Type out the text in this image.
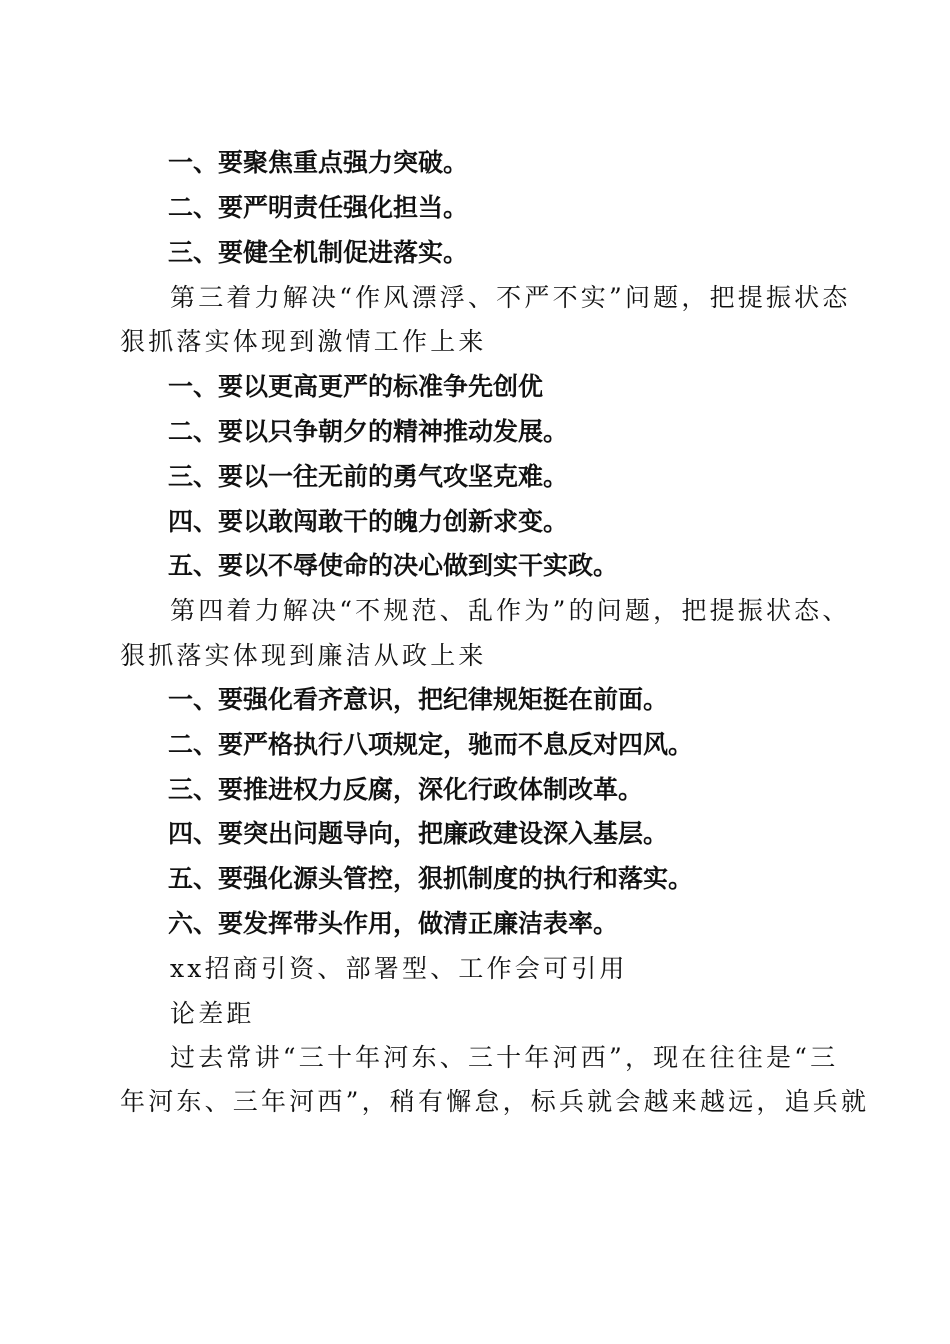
一、要聚焦重点强力突破。
二、要严明责任强化担当。
三、要健全机制促进落实。
第三着力解决“作风漂浮、不严不实”问题，把提振状态
狠抓落实体现到激情工作上来
一、要以更高更严的标准争先创优
二、要以只争朝夕的精神推动发展。
三、要以一往无前的勇气攻坚克难。
四、要以敢闯敢干的魄力创新求变。
五、要以不辱使命的决心做到实干实政。
第四着力解决“不规范、乱作为”的问题，把提振状态、
狠抓落实体现到廉洁从政上来
一、要强化看齐意识，把纪律规矩挺在前面。
二、要严格执行八项规定，驰而不息反对四风。
三、要推进权力反腐，深化行政体制改革。
四、要突出问题导向，把廉政建设深入基层。
五、要强化源头管控，狠抓制度的执行和落实。
六、要发挥带头作用，做清正廉洁表率。
xx招商引资、部署型、工作会可引用
论差距
过去常讲“三十年河东、三十年河西”，现在往往是“三
年河东、三年河西”，稍有懈怠，标兵就会越来越远，追兵就
